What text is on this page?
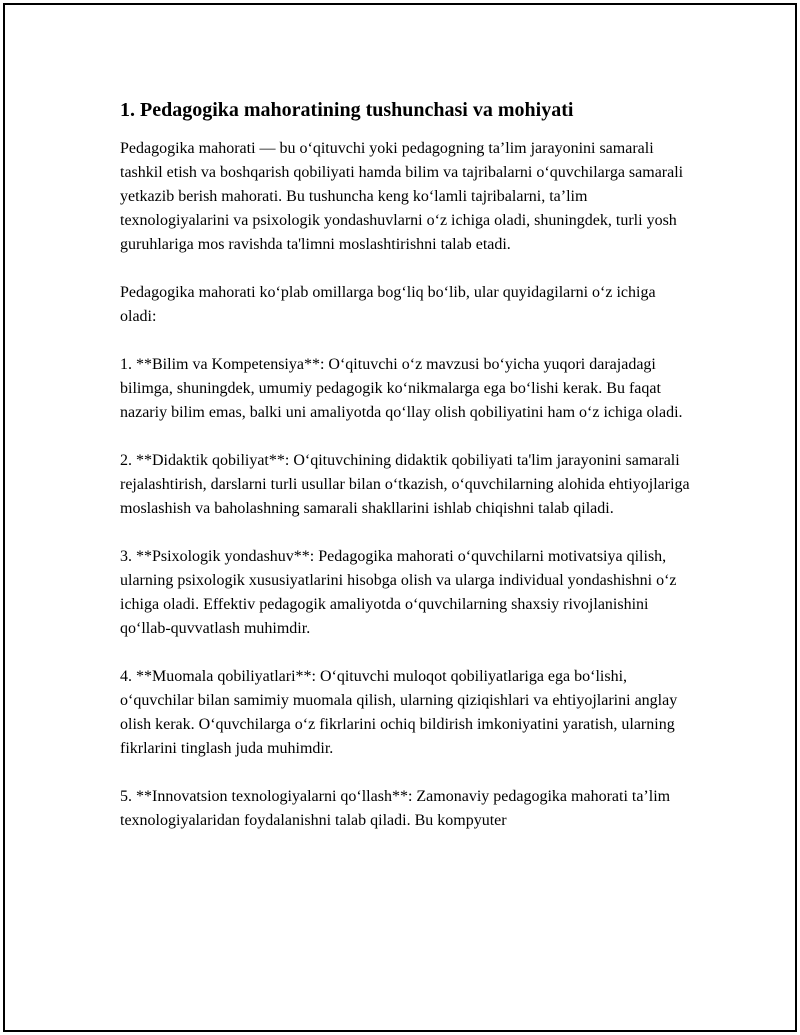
1. Pedagogika mahoratining tushunchasi va mohiyati

Pedagogika mahorati — bu o‘qituvchi yoki pedagogning ta’lim jarayonini samarali tashkil etish va boshqarish qobiliyati hamda bilim va tajribalarni o‘quvchilarga samarali yetkazib berish mahorati. Bu tushuncha keng ko‘lamli tajribalarni, ta’lim texnologiyalarini va psixologik yondashuvlarni o‘z ichiga oladi, shuningdek, turli yosh guruhlariga mos ravishda ta'limni moslashtirishni talab etadi.

Pedagogika mahorati ko‘plab omillarga bog‘liq bo‘lib, ular quyidagilarni o‘z ichiga oladi:

1. **Bilim va Kompetensiya**: O‘qituvchi o‘z mavzusi bo‘yicha yuqori darajadagi bilimga, shuningdek, umumiy pedagogik ko‘nikmalarga ega bo‘lishi kerak. Bu faqat nazariy bilim emas, balki uni amaliyotda qo‘llay olish qobiliyatini ham o‘z ichiga oladi.

2. **Didaktik qobiliyat**: O‘qituvchining didaktik qobiliyati ta'lim jarayonini samarali rejalashtirish, darslarni turli usullar bilan o‘tkazish, o‘quvchilarning alohida ehtiyojlariga moslashish va baholashning samarali shakllarini ishlab chiqishni talab qiladi.

3. **Psixologik yondashuv**: Pedagogika mahorati o‘quvchilarni motivatsiya qilish, ularning psixologik xususiyatlarini hisobga olish va ularga individual yondashishni o‘z ichiga oladi. Effektiv pedagogik amaliyotda o‘quvchilarning shaxsiy rivojlanishini qo‘llab-quvvatlash muhimdir.

4. **Muomala qobiliyatlari**: O‘qituvchi muloqot qobiliyatlariga ega bo‘lishi, o‘quvchilar bilan samimiy muomala qilish, ularning qiziqishlari va ehtiyojlarini anglay olish kerak. O‘quvchilarga o‘z fikrlarini ochiq bildirish imkoniyatini yaratish, ularning fikrlarini tinglash juda muhimdir.

5. **Innovatsion texnologiyalarni qo‘llash**: Zamonaviy pedagogika mahorati ta’lim texnologiyalaridan foydalanishni talab qiladi. Bu kompyuter
